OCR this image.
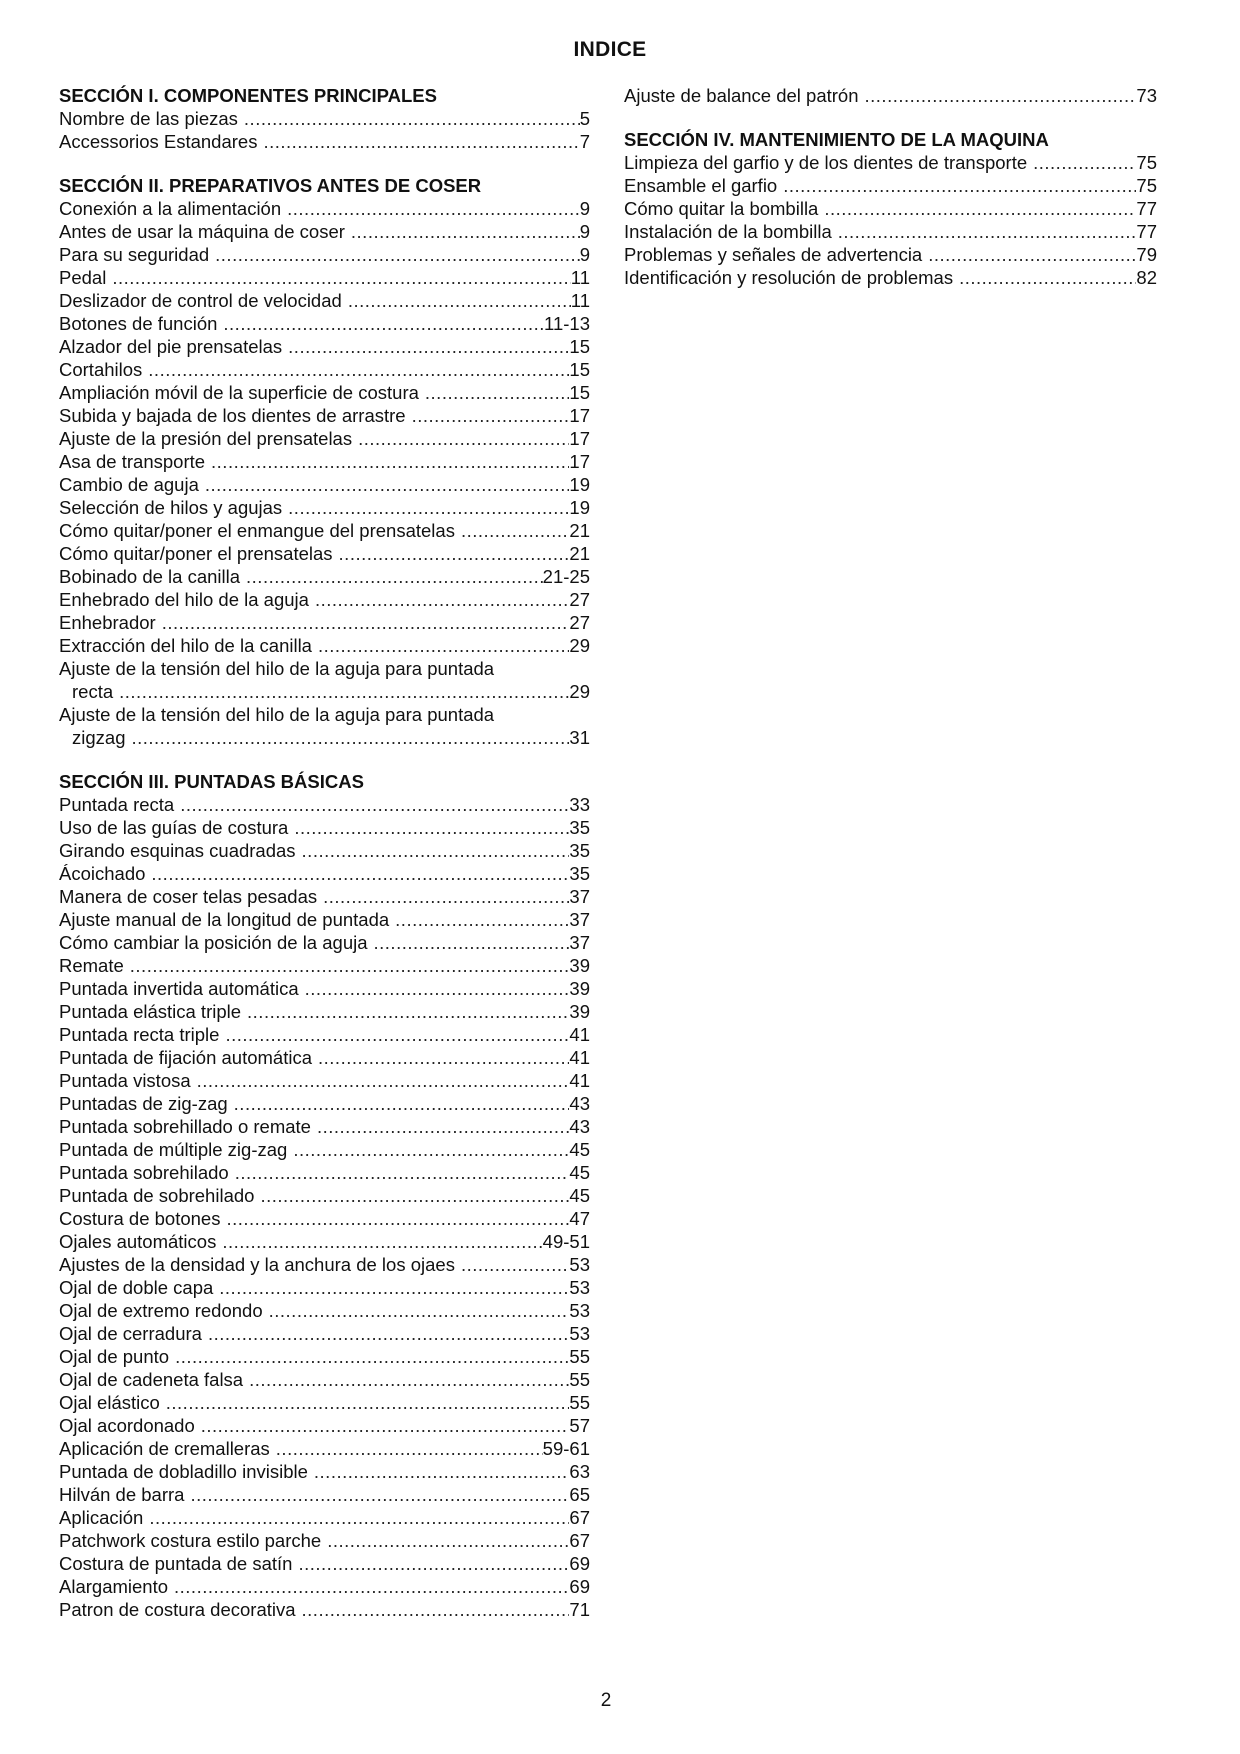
INDICE
SECCIÓN I. COMPONENTES PRINCIPALES
Nombre de las piezas .....	5
Accessorios Estandares .....	7
SECCIÓN II. PREPARATIVOS ANTES DE COSER
Conexión a la alimentación .....	9
Antes de usar la máquina de coser .....	9
Para su seguridad .....	9
Pedal .....	11
Deslizador de control de velocidad .....	11
Botones de función .....	11-13
Alzador del pie prensatelas .....	15
Cortahilos .....	15
Ampliación móvil de la superficie de costura .....	15
Subida y bajada de los dientes de arrastre .....	17
Ajuste de la presión del prensatelas .....	17
Asa de transporte .....	17
Cambio de aguja .....	19
Selección de hilos y agujas .....	19
Cómo quitar/poner el enmangue del prensatelas .....	21
Cómo quitar/poner el prensatelas .....	21
Bobinado de la canilla .....	21-25
Enhebrado del hilo de la aguja .....	27
Enhebrador .....	27
Extracción del hilo de la canilla .....	29
Ajuste de la tensión del hilo de la aguja para puntada
recta .....	29
Ajuste de la tensión del hilo de la aguja para puntada
zigzag .....	31
SECCIÓN III. PUNTADAS BÁSICAS
Puntada recta .....	33
Uso de las guías de costura .....	35
Girando esquinas cuadradas .....	35
Ácoichado .....	35
Manera de coser telas pesadas .....	37
Ajuste manual de la longitud de puntada .....	37
Cómo cambiar la posición de la aguja .....	37
Remate .....	39
Puntada invertida automática .....	39
Puntada elástica triple .....	39
Puntada recta triple .....	41
Puntada de fijación automática .....	41
Puntada vistosa .....	41
Puntadas de zig-zag .....	43
Puntada sobrehillado o remate .....	43
Puntada de múltiple zig-zag .....	45
Puntada sobrehilado .....	45
Puntada de sobrehilado .....	45
Costura de botones .....	47
Ojales automáticos .....	49-51
Ajustes de la densidad y la anchura de los ojaes .....	53
Ojal de doble capa .....	53
Ojal de extremo redondo .....	53
Ojal de cerradura .....	53
Ojal de punto .....	55
Ojal de cadeneta falsa .....	55
Ojal elástico .....	55
Ojal acordonado .....	57
Aplicación de cremalleras .....	59-61
Puntada de dobladillo invisible .....	63
Hilván de barra .....	65
Aplicación .....	67
Patchwork costura estilo parche .....	67
Costura de puntada de satín .....	69
Alargamiento .....	69
Patron de costura decorativa .....	71
Ajuste de balance del patrón .....	73
SECCIÓN IV. MANTENIMIENTO DE LA MAQUINA
Limpieza del garfio y de los dientes de transporte .....	75
Ensamble el garfio .....	75
Cómo quitar la bombilla .....	77
Instalación de la bombilla .....	77
Problemas y señales de advertencia .....	79
Identificación y resolución de problemas .....	82
2
